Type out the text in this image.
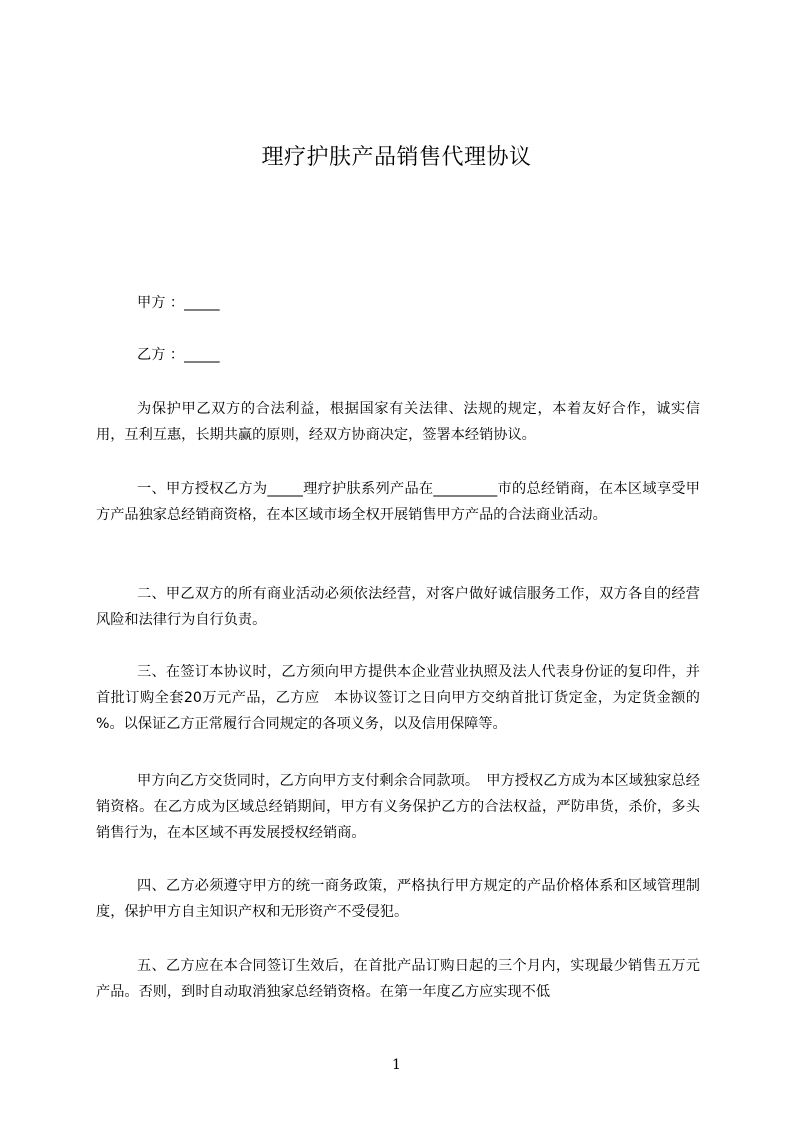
理疗护肤产品销售代理协议
甲方 ：_____
乙方 ：_____

为保护甲乙双方的合法利益，根据国家有关法律、法规的规定，本着友好合作，诚实信用，互利互惠，长期共赢的原则，经双方协商决定，签署本经销协议。

一、甲方授权乙方为_____理疗护肤系列产品在_________市的总经销商，在本区域享受甲方产品独家总经销商资格，在本区域市场全权开展销售甲方产品的合法商业活动。

二、甲乙双方的所有商业活动必须依法经营，对客户做好诚信服务工作，双方各自的经营风险和法律行为自行负责。

三、在签订本协议时，乙方须向甲方提供本企业营业执照及法人代表身份证的复印件，并首批订购全套20万元产品，乙方应　本协议签订之日向甲方交纳首批订货定金，为定货金额的 %。以保证乙方正常履行合同规定的各项义务，以及信用保障等。

甲方向乙方交货同时，乙方向甲方支付剩余合同款项。　甲方授权乙方成为本区域独家总经销资格。在乙方成为区域总经销期间，甲方有义务保护乙方的合法权益，严防串货，杀价，多头销售行为，在本区域不再发展授权经销商。

四、乙方必须遵守甲方的统一商务政策，严格执行甲方规定的产品价格体系和区域管理制度，保护甲方自主知识产权和无形资产不受侵犯。

五、乙方应在本合同签订生效后，在首批产品订购日起的三个月内，实现最少销售五万元产品。否则，到时自动取消独家总经销资格。在第一年度乙方应实现不低

1
